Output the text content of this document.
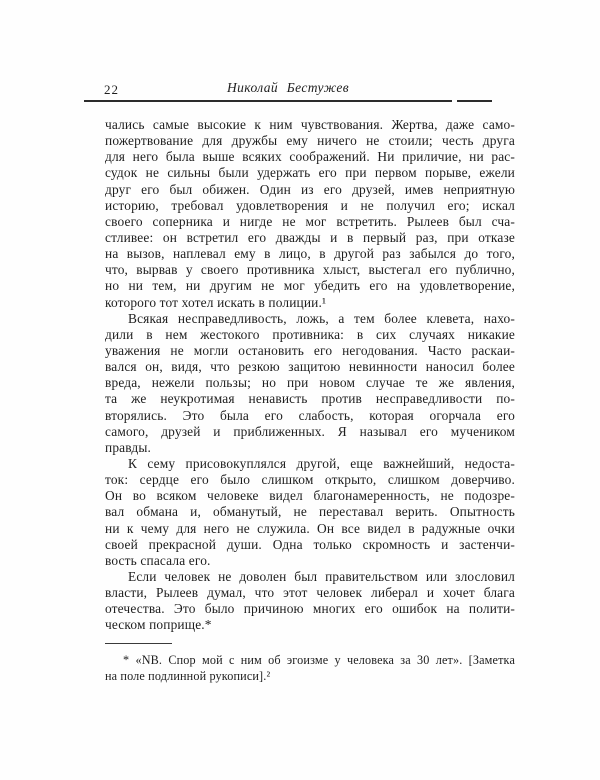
22	Николай Бестужев
чались самые высокие к ним чувствования. Жертва, даже само-
пожертвование для дружбы ему ничего не стоили; честь друга
для него была выше всяких соображений. Ни приличие, ни рас-
судок не сильны были удержать его при первом порыве, ежели
друг его был обижен. Один из его друзей, имев неприятную
историю, требовал удовлетворения и не получил его; искал
своего соперника и нигде не мог встретить. Рылеев был сча-
стливее: он встретил его дважды и в первый раз, при отказе
на вызов, наплевал ему в лицо, в другой раз забылся до того,
что, вырвав у своего противника хлыст, выстегал его публично,
но ни тем, ни другим не мог убедить его на удовлетворение,
которого тот хотел искать в полиции.¹
Всякая несправедливость, ложь, а тем более клевета, нахо-
дили в нем жестокого противника: в сих случаях никакие
уважения не могли остановить его негодования. Часто раскаи-
вался он, видя, что резкою защитою невинности наносил более
вреда, нежели пользы; но при новом случае те же явления,
та же неукротимая ненависть против несправедливости по-
вторялись. Это была его слабость, которая огорчала его
самого, друзей и приближенных. Я называл его мучеником
правды.
К сему присовокуплялся другой, еще важнейший, недоста-
ток: сердце его было слишком открыто, слишком доверчиво.
Он во всяком человеке видел благонамеренность, не подозре-
вал обмана и, обманутый, не переставал верить. Опытность
ни к чему для него не служила. Он все видел в радужные очки
своей прекрасной души. Одна только скромность и застенчи-
вость спасала его.
Если человек не доволен был правительством или злословил
власти, Рылеев думал, что этот человек либерал и хочет блага
отечества. Это было причиною многих его ошибок на полити-
ческом поприще.*
* «NB. Спор мой с ним об эгоизме у человека за 30 лет». [Заметка
на поле подлинной рукописи].²
